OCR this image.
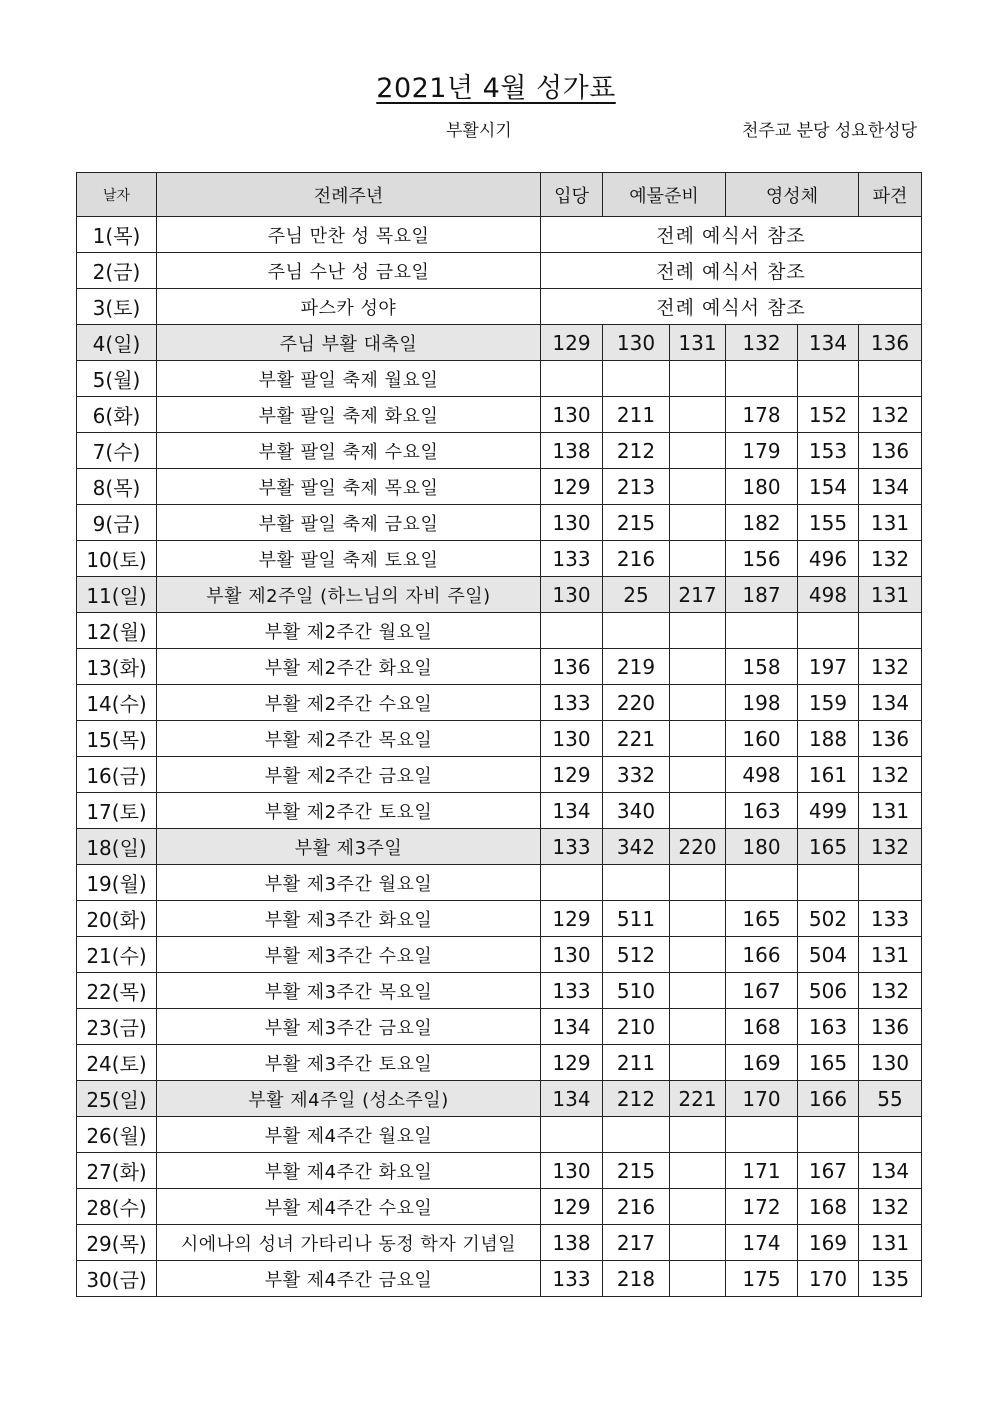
2021년 4월 성가표
부활시기	천주교 분당 성요한성당
날자	전례주년	입당	예물준비		영성체		파견
1(목)	주님 만찬 성 목요일	전례 예식서 참조					
2(금)	주님 수난 성 금요일	전례 예식서 참조					
3(토)	파스카 성야	전례 예식서 참조					
4(일)	주님 부활 대축일	129	130	131	132	134	136
5(월)	부활 팔일 축제 월요일						
6(화)	부활 팔일 축제 화요일	130	211		178	152	132
7(수)	부활 팔일 축제 수요일	138	212		179	153	136
8(목)	부활 팔일 축제 목요일	129	213		180	154	134
9(금)	부활 팔일 축제 금요일	130	215		182	155	131
10(토)	부활 팔일 축제 토요일	133	216		156	496	132
11(일)	부활 제2주일 (하느님의 자비 주일)	130	25	217	187	498	131
12(월)	부활 제2주간 월요일						
13(화)	부활 제2주간 화요일	136	219		158	197	132
14(수)	부활 제2주간 수요일	133	220		198	159	134
15(목)	부활 제2주간 목요일	130	221		160	188	136
16(금)	부활 제2주간 금요일	129	332		498	161	132
17(토)	부활 제2주간 토요일	134	340		163	499	131
18(일)	부활 제3주일	133	342	220	180	165	132
19(월)	부활 제3주간 월요일						
20(화)	부활 제3주간 화요일	129	511		165	502	133
21(수)	부활 제3주간 수요일	130	512		166	504	131
22(목)	부활 제3주간 목요일	133	510		167	506	132
23(금)	부활 제3주간 금요일	134	210		168	163	136
24(토)	부활 제3주간 토요일	129	211		169	165	130
25(일)	부활 제4주일 (성소주일)	134	212	221	170	166	55
26(월)	부활 제4주간 월요일						
27(화)	부활 제4주간 화요일	130	215		171	167	134
28(수)	부활 제4주간 수요일	129	216		172	168	132
29(목)	시에나의 성녀 가타리나 동정 학자 기념일	138	217		174	169	131
30(금)	부활 제4주간 금요일	133	218		175	170	135
